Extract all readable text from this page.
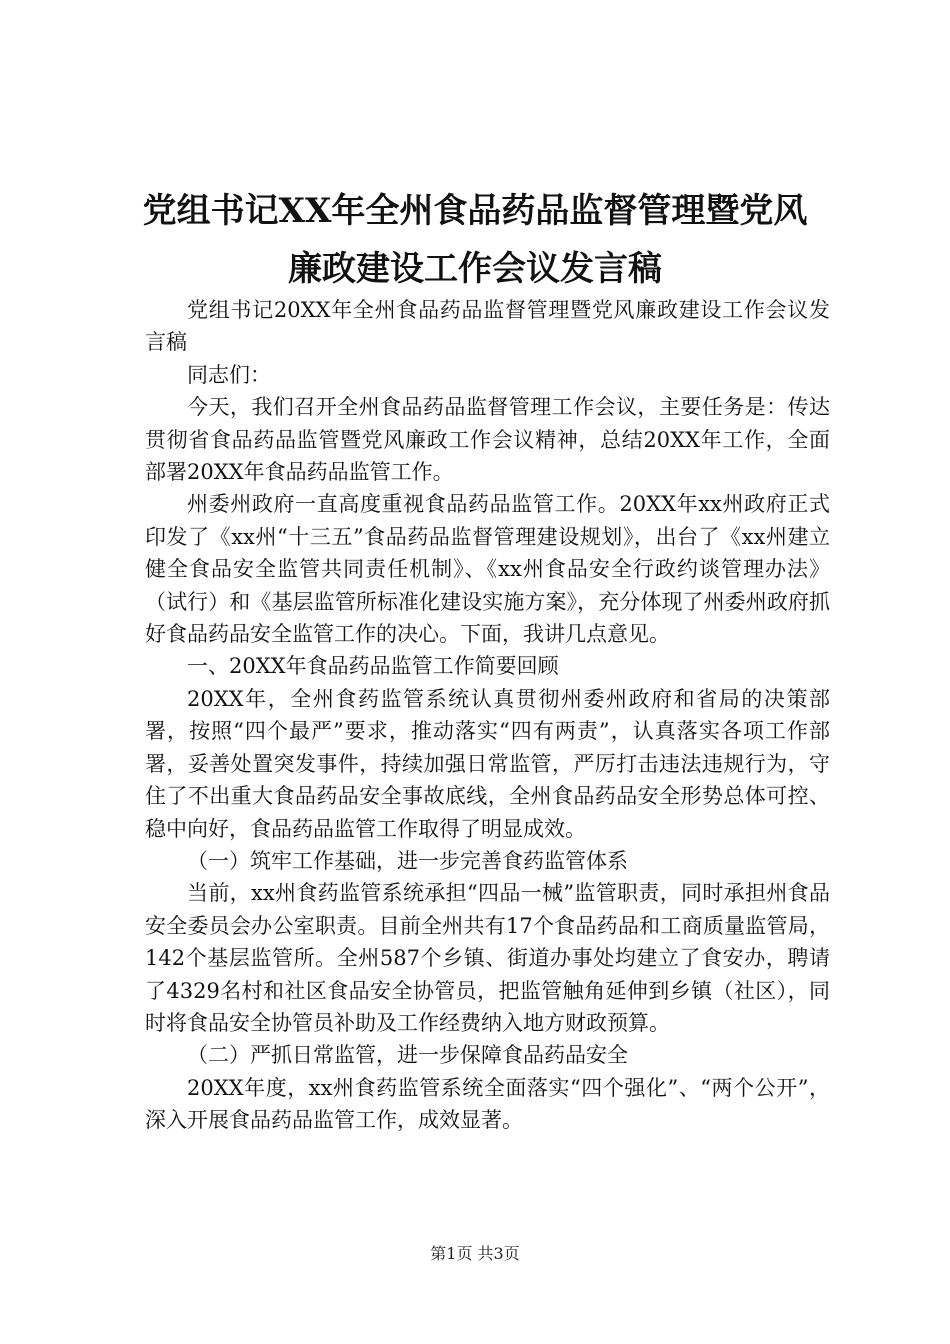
党组书记XX年全州食品药品监督管理暨党风
廉政建设工作会议发言稿

党组书记20XX年全州食品药品监督管理暨党风廉政建设工作会议发言稿

同志们：

今天，我们召开全州食品药品监督管理工作会议，主要任务是：传达贯彻省食品药品监管暨党风廉政工作会议精神，总结20XX年工作，全面部署20XX年食品药品监管工作。

州委州政府一直高度重视食品药品监管工作。20XX年xx州政府正式印发了《xx州“十三五”食品药品监督管理建设规划》，出台了《xx州建立健全食品安全监管共同责任机制》、《xx州食品安全行政约谈管理办法》（试行）和《基层监管所标准化建设实施方案》，充分体现了州委州政府抓好食品药品安全监管工作的决心。下面，我讲几点意见。

一、20XX年食品药品监管工作简要回顾

20XX年，全州食药监管系统认真贯彻州委州政府和省局的决策部署，按照“四个最严”要求，推动落实“四有两责”，认真落实各项工作部署，妥善处置突发事件，持续加强日常监管，严厉打击违法违规行为，守住了不出重大食品药品安全事故底线，全州食品药品安全形势总体可控、稳中向好，食品药品监管工作取得了明显成效。

（一）筑牢工作基础，进一步完善食药监管体系

当前，xx州食药监管系统承担“四品一械”监管职责，同时承担州食品安全委员会办公室职责。目前全州共有17个食品药品和工商质量监管局，142个基层监管所。全州587个乡镇、街道办事处均建立了食安办，聘请了4329名村和社区食品安全协管员，把监管触角延伸到乡镇（社区），同时将食品安全协管员补助及工作经费纳入地方财政预算。

（二）严抓日常监管，进一步保障食品药品安全

20XX年度，xx州食药监管系统全面落实“四个强化”、“两个公开”，深入开展食品药品监管工作，成效显著。

第1页 共3页
